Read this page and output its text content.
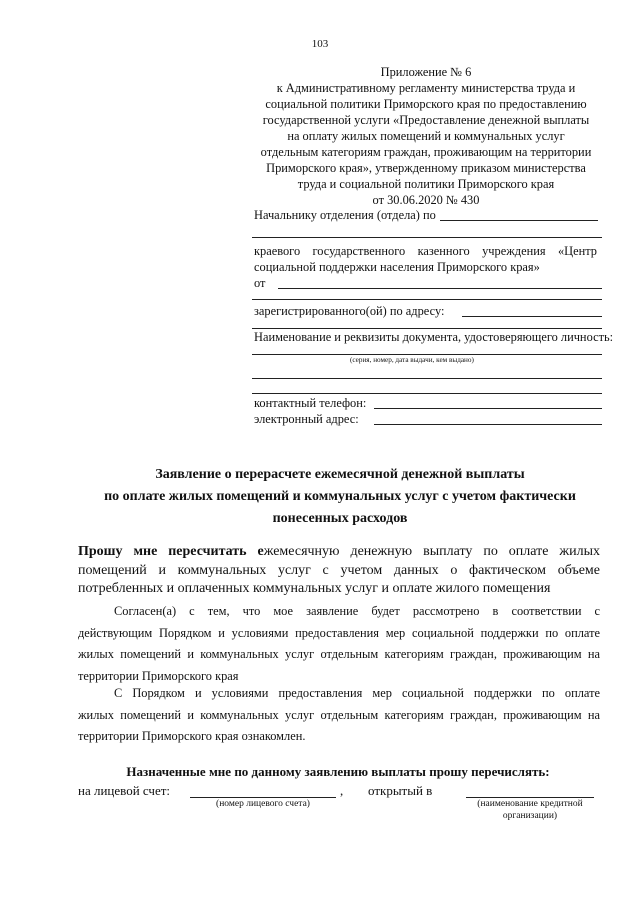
103
Приложение № 6
к Административному регламенту министерства труда и
социальной политики Приморского края по предоставлению
государственной услуги «Предоставление денежной выплаты
на оплату жилых помещений и коммунальных услуг
отдельным категориям граждан, проживающим на территории
Приморского края», утвержденному приказом министерства
труда и социальной политики Приморского края
от 30.06.2020 № 430
Начальнику отделения (отдела) по
краевого    государственного    казенного    учреждения    «Центр
социальной поддержки населения Приморского края»
от
зарегистрированного(ой) по адресу:
Наименование и реквизиты документа, удостоверяющего личность:
(серия, номер, дата выдачи, кем выдано)
контактный телефон:
электронный адрес:
Заявление о перерасчете ежемесячной денежной выплаты
по оплате жилых помещений и коммунальных услуг с учетом фактически
понесенных расходов
Прошу мне пересчитать ежемесячную денежную выплату по оплате жилых
помещений и коммунальных услуг с учетом данных о фактическом объеме
потребленных и оплаченных коммунальных услуг и оплате жилого помещения
Согласен(а) с тем, что мое заявление будет рассмотрено в соответствии с
действующим Порядком и условиями предоставления мер социальной поддержки по оплате
жилых помещений и коммунальных услуг отдельным категориям граждан, проживающим на
территории Приморского края
С Порядком и условиями предоставления мер социальной поддержки по оплате
жилых помещений и коммунальных услуг отдельным категориям граждан, проживающим на
территории Приморского края ознакомлен.
Назначенные мне по данному заявлению выплаты прошу перечислять:
на лицевой счет:	, открытый в
(номер лицевого счета)	(наименование кредитной
организации)
